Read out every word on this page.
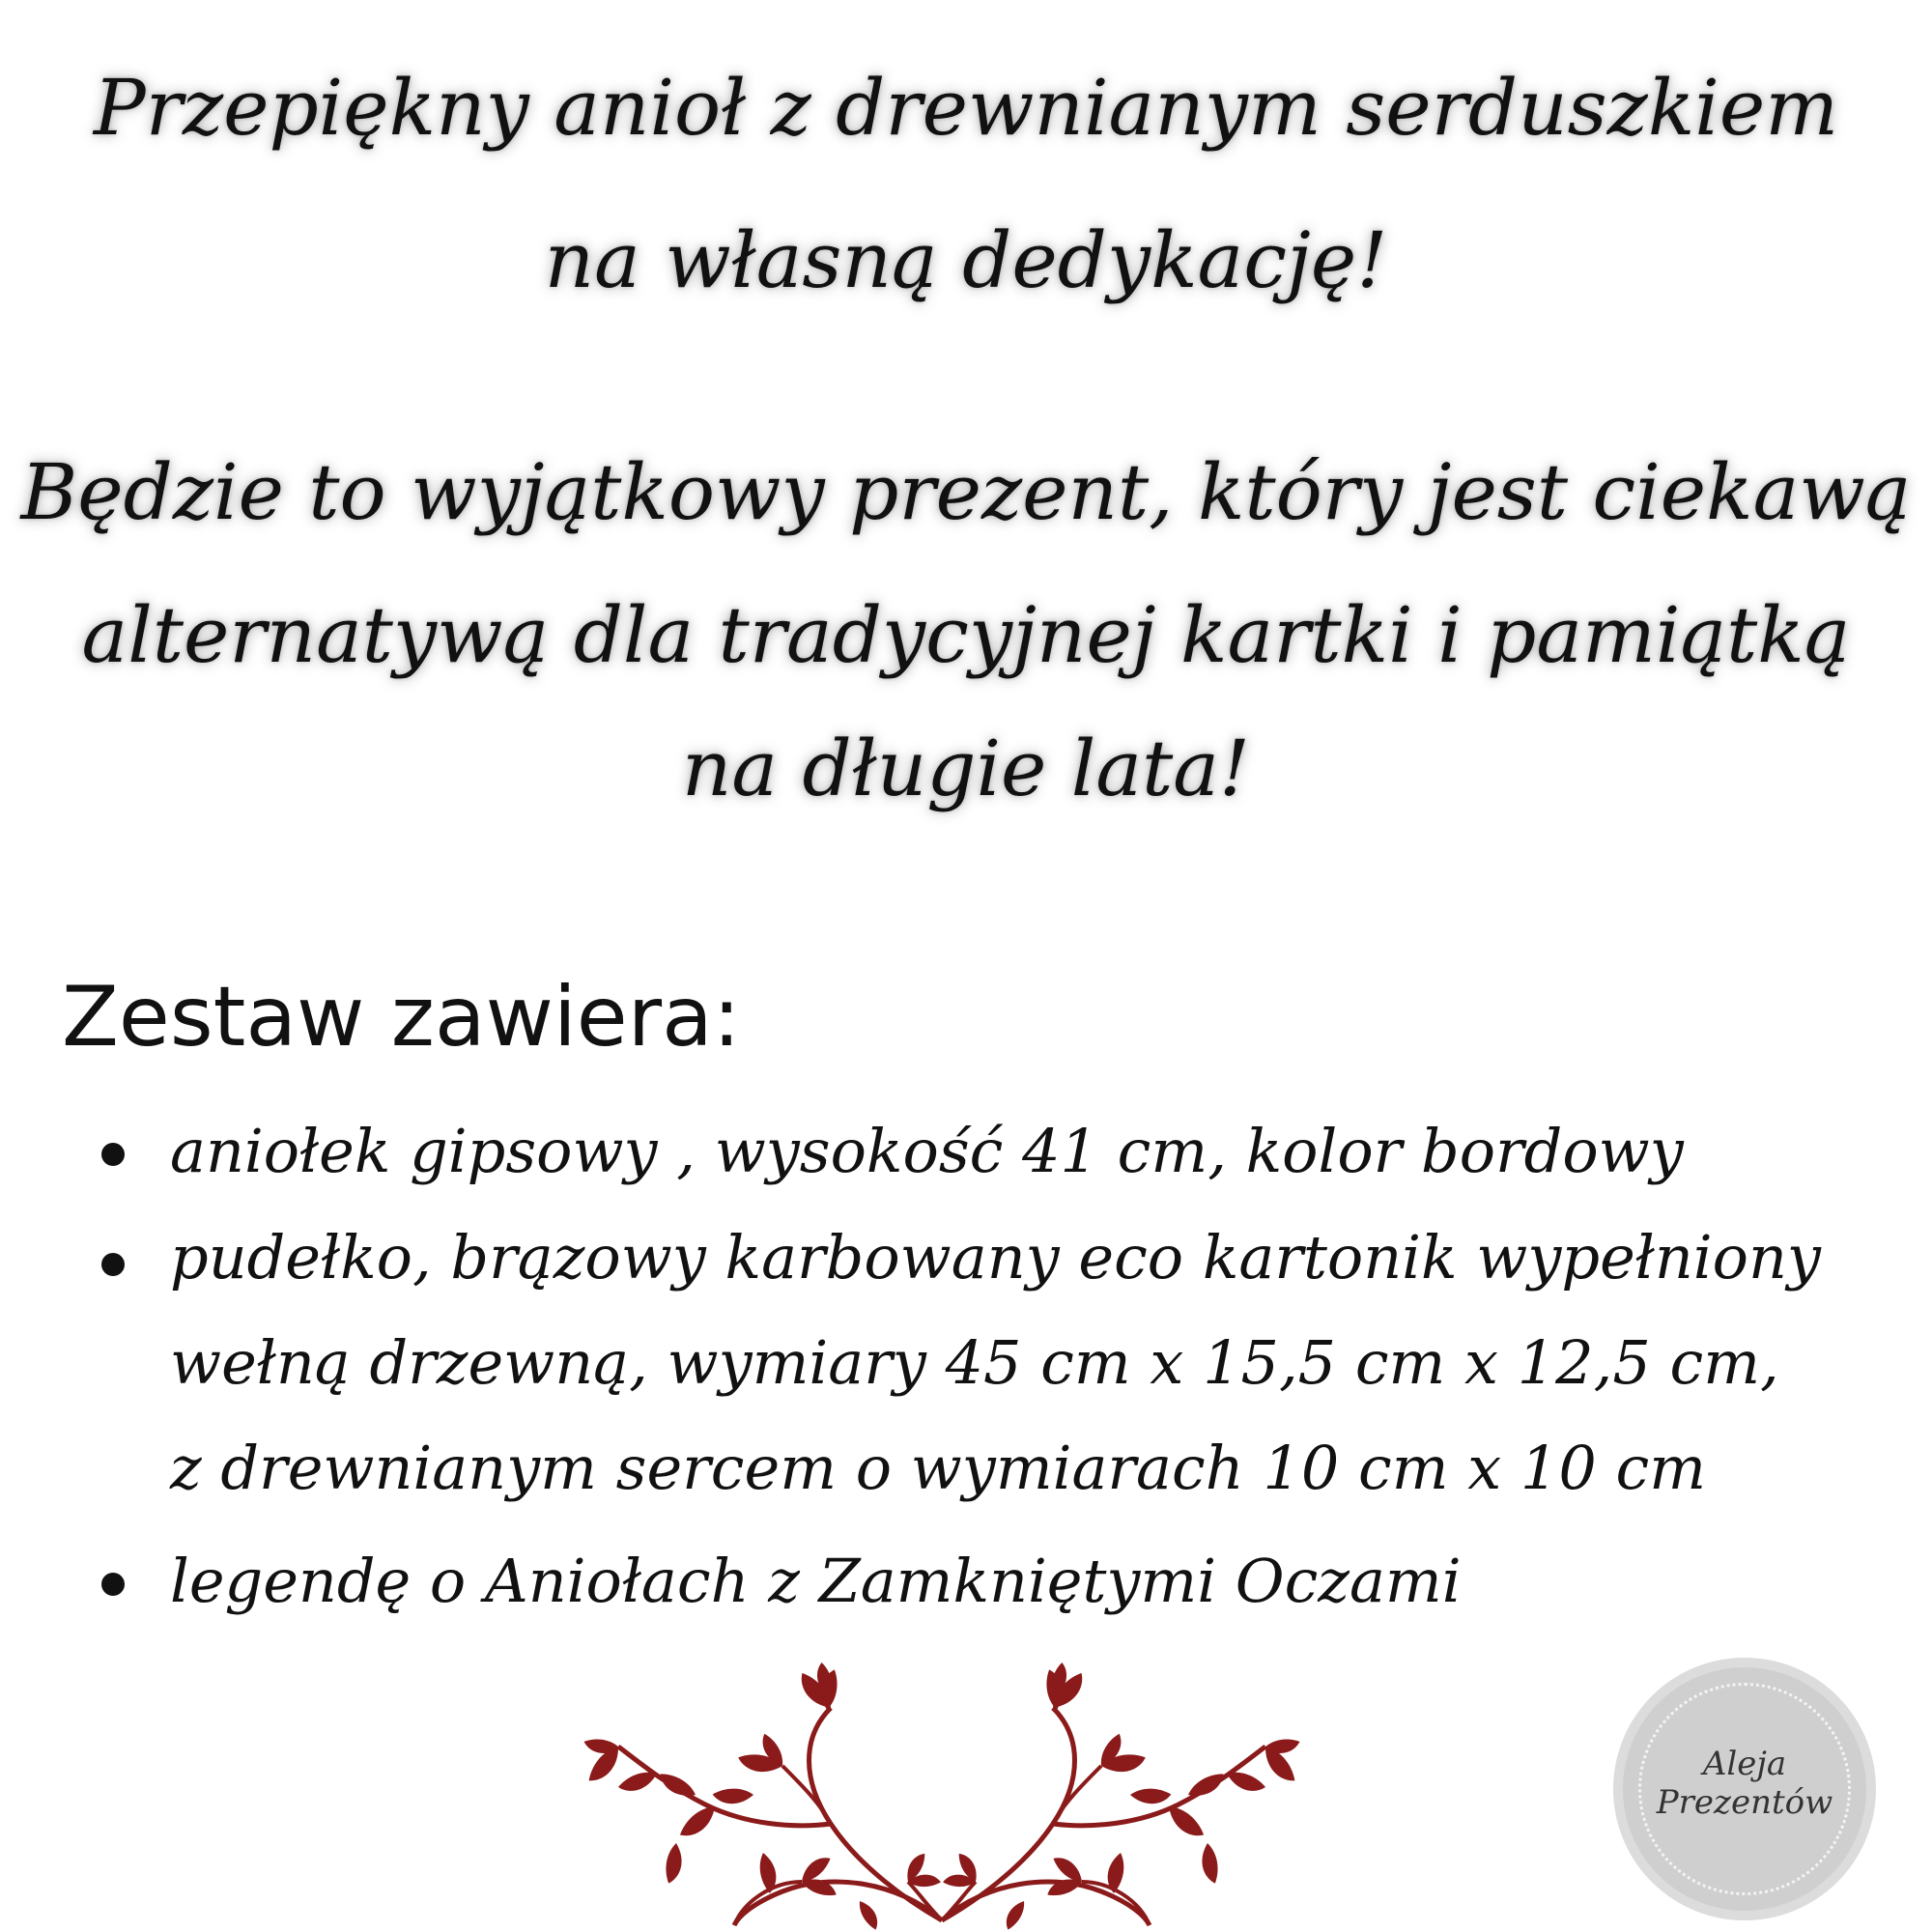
Przepiękny anioł z drewnianym serduszkiem
na własną dedykację!
Będzie to wyjątkowy prezent, który jest ciekawą
alternatywą dla tradycyjnej kartki i pamiątką
na długie lata!
Zestaw zawiera:
aniołek gipsowy , wysokość 41 cm, kolor bordowy
pudełko, brązowy karbowany eco kartonik wypełniony
wełną drzewną, wymiary 45 cm x 15,5 cm x 12,5 cm,
z drewnianym sercem o wymiarach 10 cm x 10 cm
legendę o Aniołach z Zamkniętymi Oczami
Aleja
Prezentów
